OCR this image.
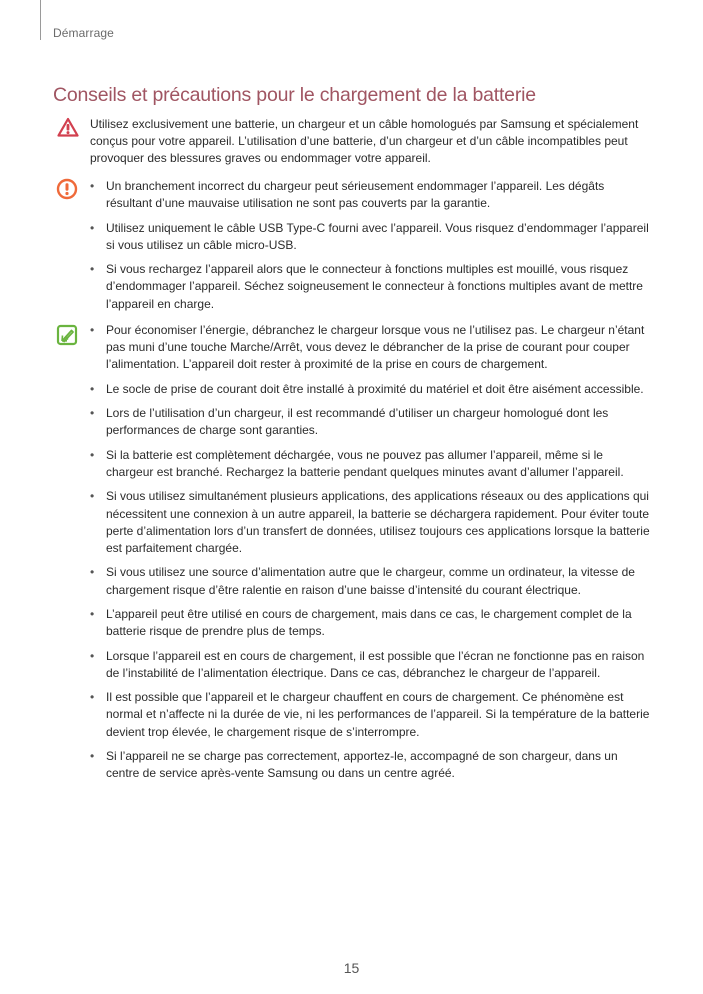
Démarrage
Conseils et précautions pour le chargement de la batterie

Utilisez exclusivement une batterie, un chargeur et un câble homologués par Samsung et spécialement conçus pour votre appareil. L’utilisation d’une batterie, d’un chargeur et d’un câble incompatibles peut provoquer des blessures graves ou endommager votre appareil.

• Un branchement incorrect du chargeur peut sérieusement endommager l’appareil. Les dégâts résultant d’une mauvaise utilisation ne sont pas couverts par la garantie.
• Utilisez uniquement le câble USB Type-C fourni avec l’appareil. Vous risquez d’endommager l’appareil si vous utilisez un câble micro-USB.
• Si vous rechargez l’appareil alors que le connecteur à fonctions multiples est mouillé, vous risquez d’endommager l’appareil. Séchez soigneusement le connecteur à fonctions multiples avant de mettre l’appareil en charge.
• Pour économiser l’énergie, débranchez le chargeur lorsque vous ne l’utilisez pas. Le chargeur n’étant pas muni d’une touche Marche/Arrêt, vous devez le débrancher de la prise de courant pour couper l’alimentation. L’appareil doit rester à proximité de la prise en cours de chargement.
• Le socle de prise de courant doit être installé à proximité du matériel et doit être aisément accessible.
• Lors de l’utilisation d’un chargeur, il est recommandé d’utiliser un chargeur homologué dont les performances de charge sont garanties.
• Si la batterie est complètement déchargée, vous ne pouvez pas allumer l’appareil, même si le chargeur est branché. Rechargez la batterie pendant quelques minutes avant d’allumer l’appareil.
• Si vous utilisez simultanément plusieurs applications, des applications réseaux ou des applications qui nécessitent une connexion à un autre appareil, la batterie se déchargera rapidement. Pour éviter toute perte d’alimentation lors d’un transfert de données, utilisez toujours ces applications lorsque la batterie est parfaitement chargée.
• Si vous utilisez une source d’alimentation autre que le chargeur, comme un ordinateur, la vitesse de chargement risque d’être ralentie en raison d’une baisse d’intensité du courant électrique.
• L’appareil peut être utilisé en cours de chargement, mais dans ce cas, le chargement complet de la batterie risque de prendre plus de temps.
• Lorsque l’appareil est en cours de chargement, il est possible que l’écran ne fonctionne pas en raison de l’instabilité de l’alimentation électrique. Dans ce cas, débranchez le chargeur de l’appareil.
• Il est possible que l’appareil et le chargeur chauffent en cours de chargement. Ce phénomène est normal et n’affecte ni la durée de vie, ni les performances de l’appareil. Si la température de la batterie devient trop élevée, le chargement risque de s’interrompre.
• Si l’appareil ne se charge pas correctement, apportez-le, accompagné de son chargeur, dans un centre de service après-vente Samsung ou dans un centre agréé.
15
